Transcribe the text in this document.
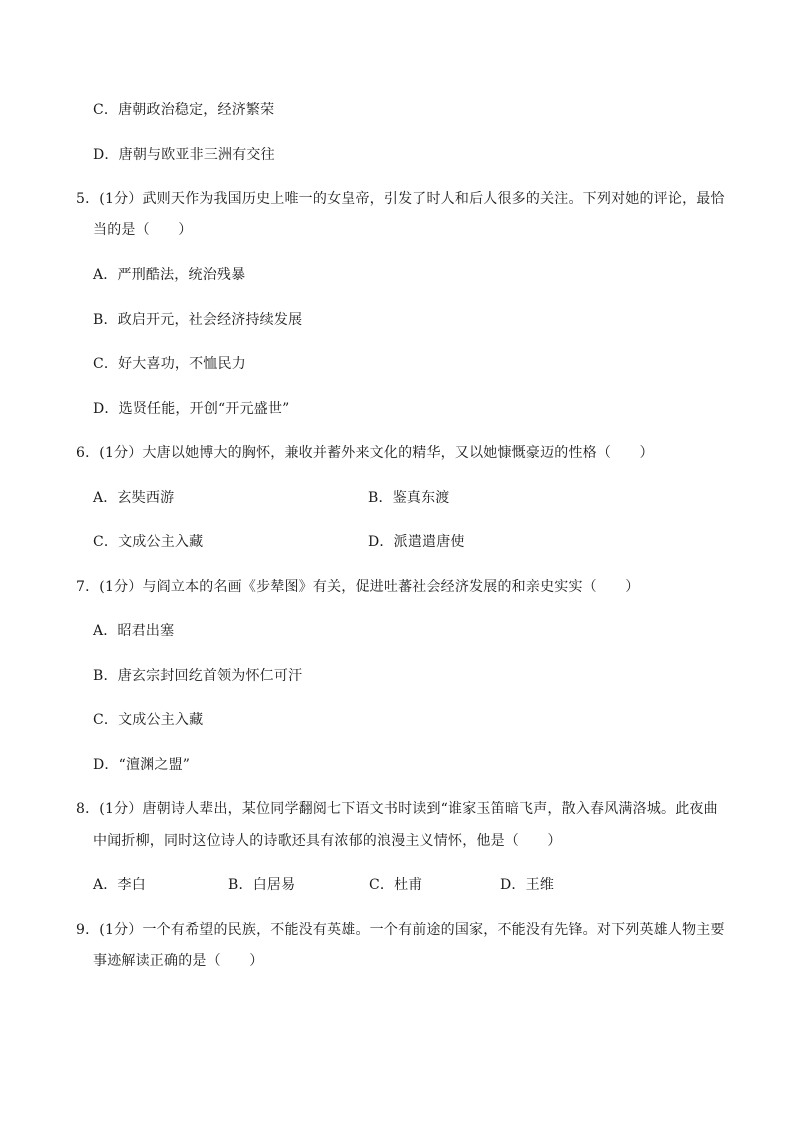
C．唐朝政治稳定，经济繁荣
D．唐朝与欧亚非三洲有交往
5．(1分）武则天作为我国历史上唯一的女皇帝，引发了时人和后人很多的关注。下列对她的评论，最恰
当的是（　　）
A．严刑酷法，统治残暴
B．政启开元，社会经济持续发展
C．好大喜功，不恤民力
D．选贤任能，开创“开元盛世”
6．(1分）大唐以她博大的胸怀，兼收并蓄外来文化的精华，又以她慷慨豪迈的性格（　　）
A．玄奘西游	B．鉴真东渡
C．文成公主入藏	D．派遣遣唐使
7．(1分）与阎立本的名画《步辇图》有关，促进吐蕃社会经济发展的和亲史实实（　　）
A．昭君出塞
B．唐玄宗封回纥首领为怀仁可汗
C．文成公主入藏
D．“澶渊之盟”
8．(1分）唐朝诗人辈出，某位同学翻阅七下语文书时读到“谁家玉笛暗飞声，散入春风满洛城。此夜曲
中闻折柳，同时这位诗人的诗歌还具有浓郁的浪漫主义情怀，他是（　　）
A．李白	B．白居易	C．杜甫	D．王维
9．(1分）一个有希望的民族，不能没有英雄。一个有前途的国家，不能没有先锋。对下列英雄人物主要
事迹解读正确的是（　　）
